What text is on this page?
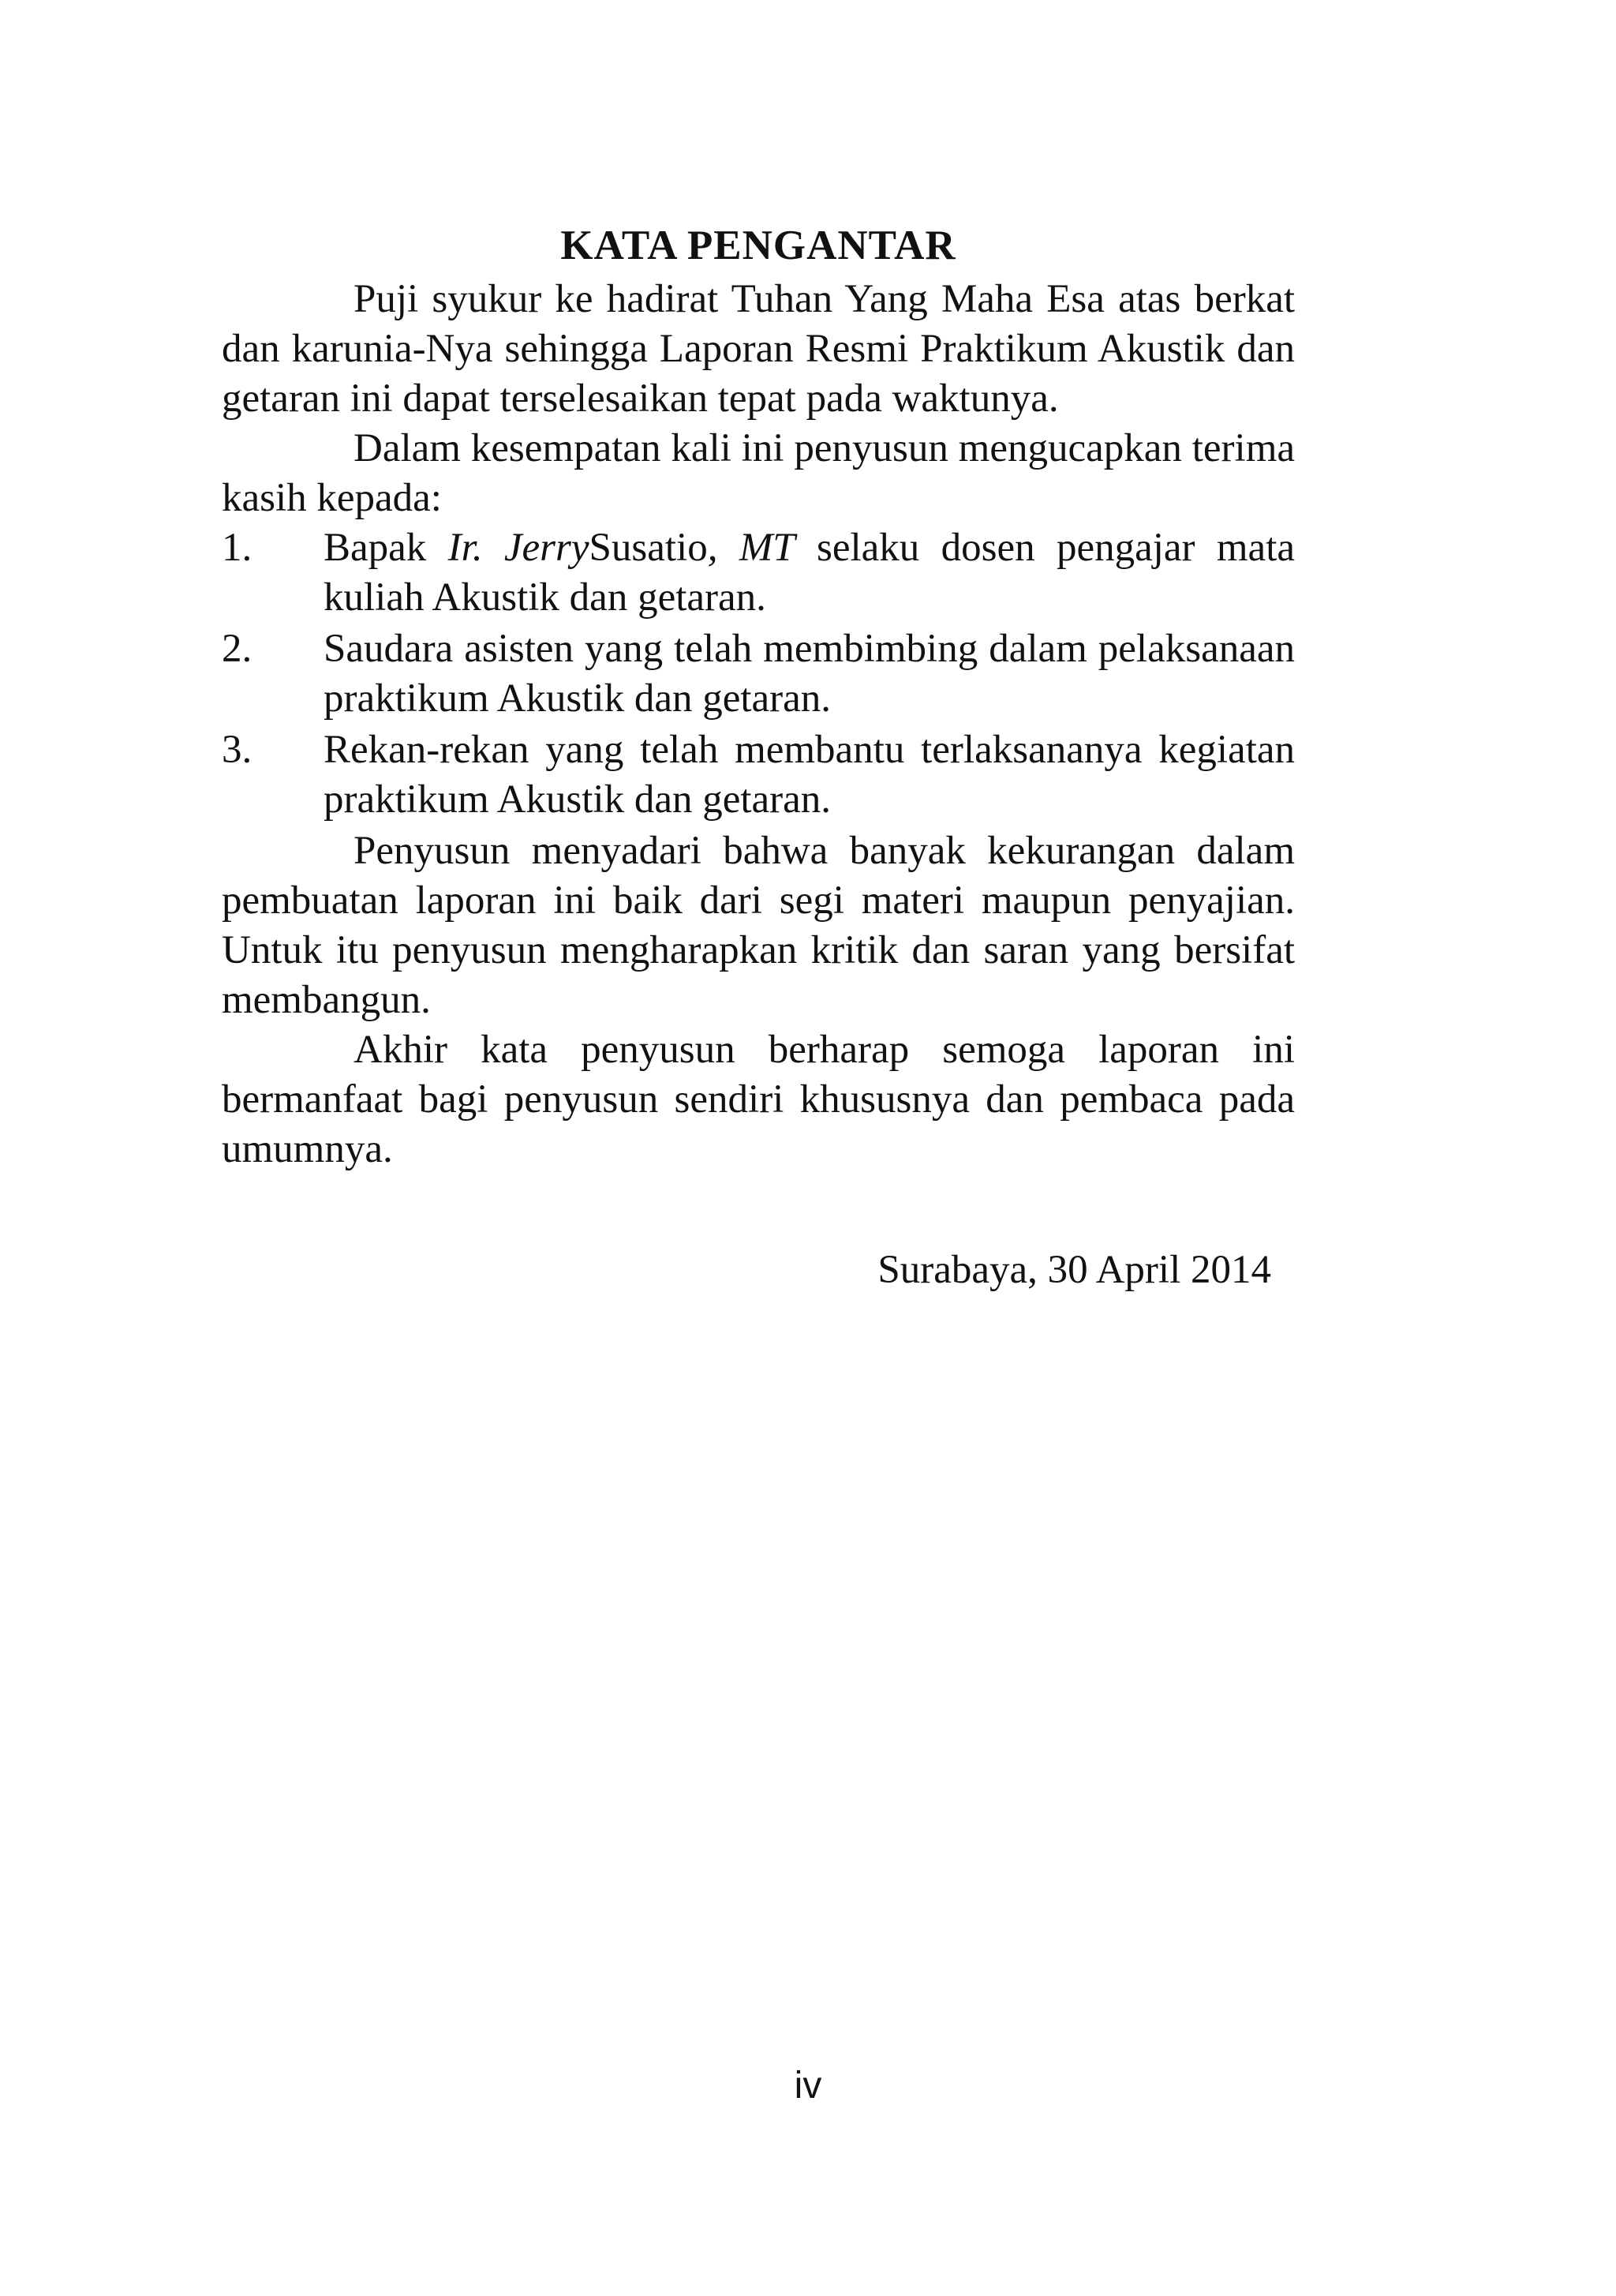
KATA PENGANTAR

Puji syukur ke hadirat Tuhan Yang Maha Esa atas berkat dan karunia-Nya sehingga Laporan Resmi Praktikum Akustik dan getaran ini dapat terselesaikan tepat pada waktunya.

Dalam kesempatan kali ini penyusun mengucapkan terima kasih kepada:

1. Bapak Ir. JerrySusatio, MT selaku dosen pengajar mata kuliah Akustik dan getaran.
2. Saudara asisten yang telah membimbing dalam pelaksanaan praktikum Akustik dan getaran.
3. Rekan-rekan yang telah membantu terlaksananya kegiatan praktikum Akustik dan getaran.

Penyusun menyadari bahwa banyak kekurangan dalam pembuatan laporan ini baik dari segi materi maupun penyajian. Untuk itu penyusun mengharapkan kritik dan saran yang bersifat membangun.

Akhir kata penyusun berharap semoga laporan ini bermanfaat bagi penyusun sendiri khususnya dan pembaca pada umumnya.

Surabaya, 30 April 2014
iv
